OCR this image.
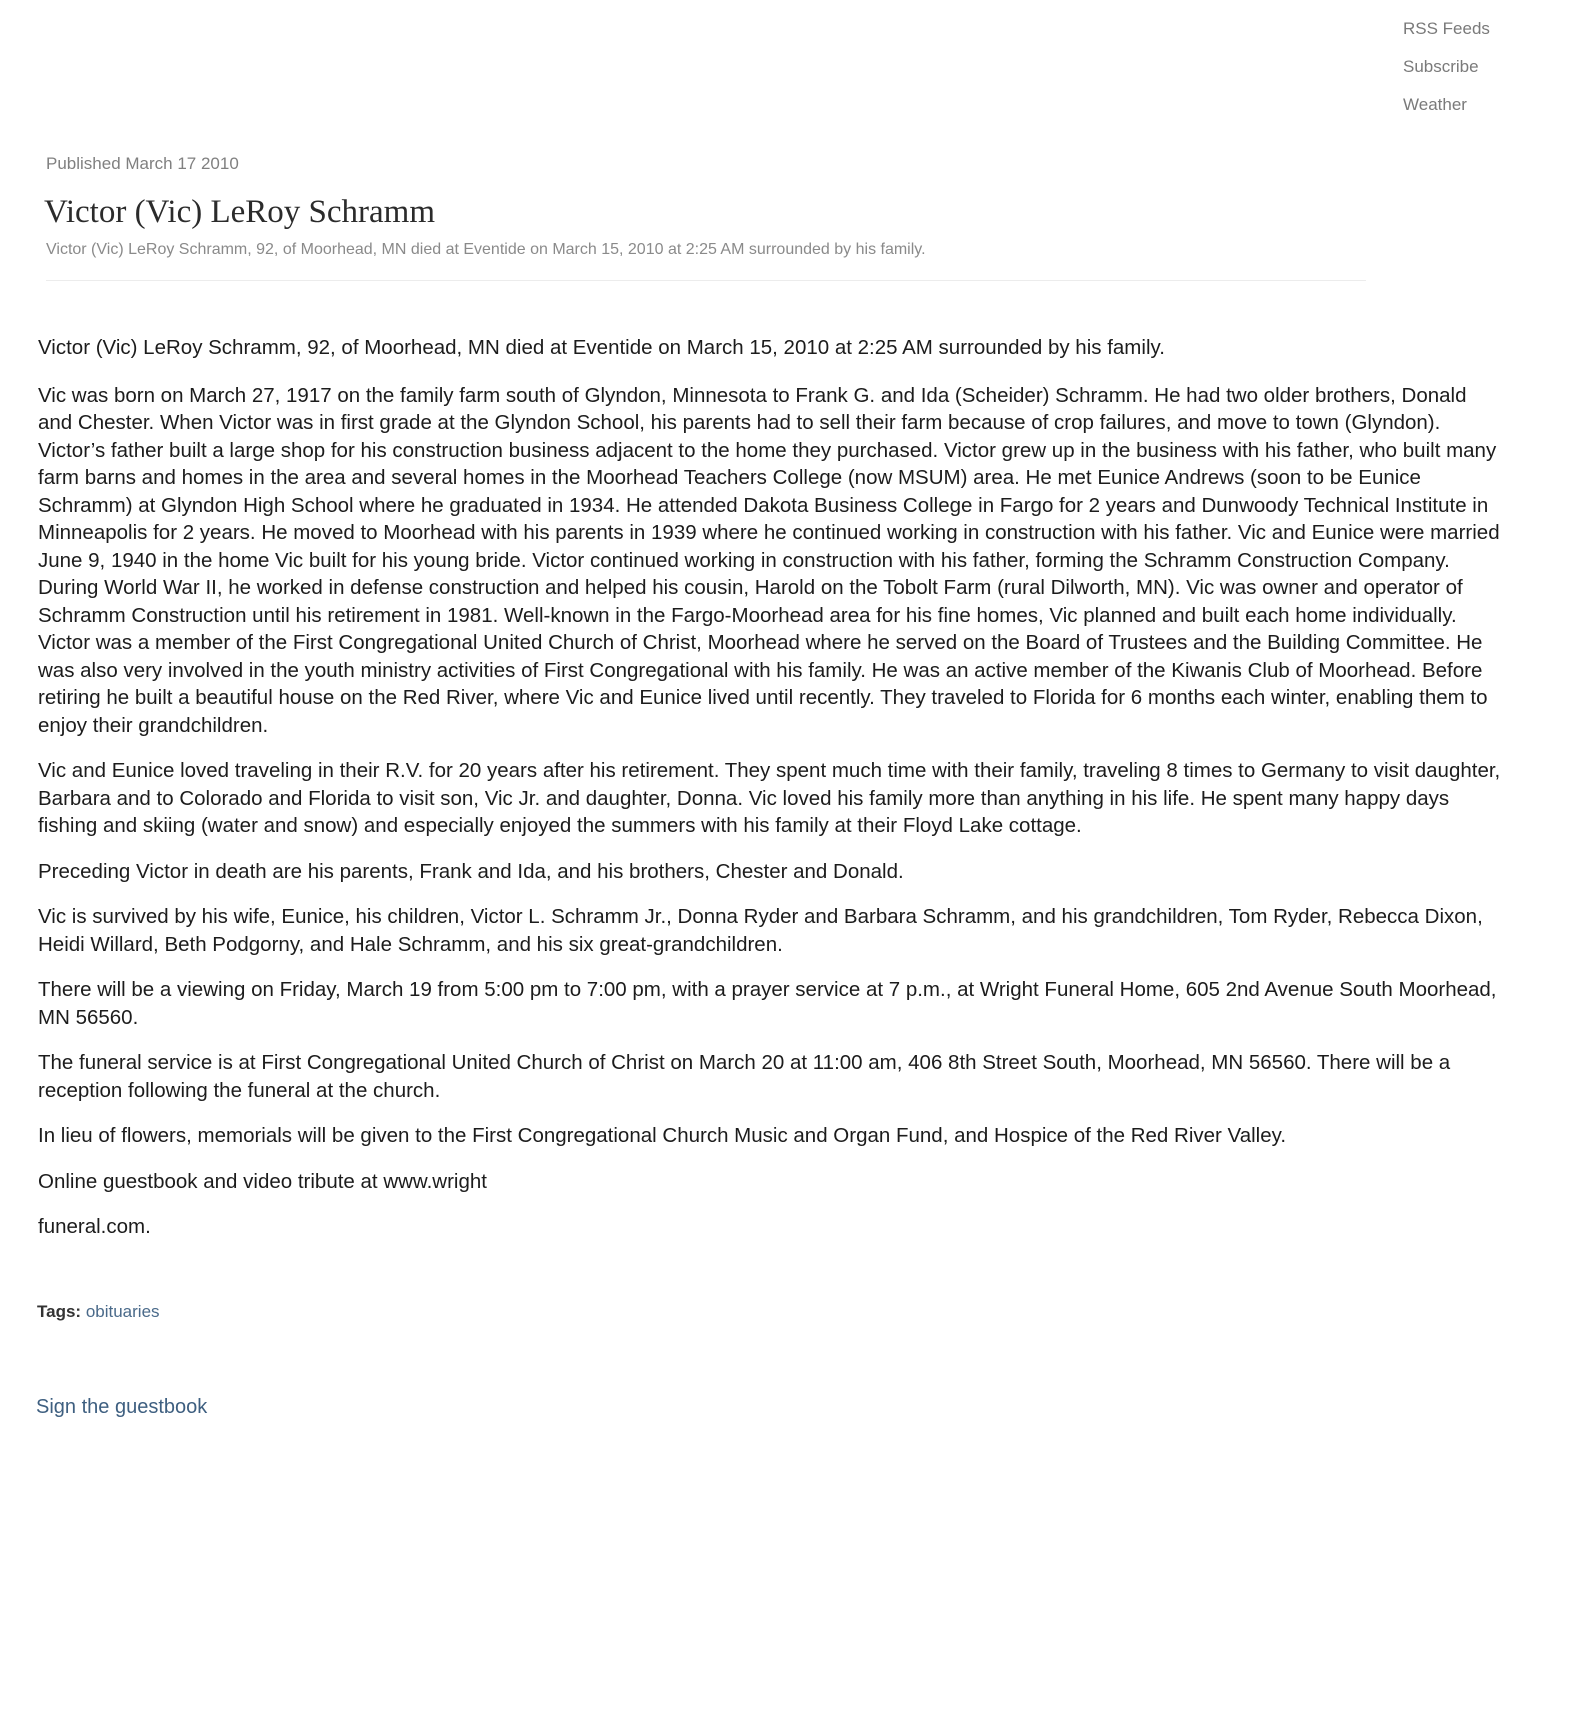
RSS Feeds
Subscribe
Weather
Published March 17 2010
Victor (Vic) LeRoy Schramm
Victor (Vic) LeRoy Schramm, 92, of Moorhead, MN died at Eventide on March 15, 2010 at 2:25 AM surrounded by his family.

Victor (Vic) LeRoy Schramm, 92, of Moorhead, MN died at Eventide on March 15, 2010 at 2:25 AM surrounded by his family.

Vic was born on March 27, 1917 on the family farm south of Glyndon, Minnesota to Frank G. and Ida (Scheider) Schramm. He had two older brothers, Donald and Chester. When Victor was in first grade at the Glyndon School, his parents had to sell their farm because of crop failures, and move to town (Glyndon). Victor’s father built a large shop for his construction business adjacent to the home they purchased. Victor grew up in the business with his father, who built many farm barns and homes in the area and several homes in the Moorhead Teachers College (now MSUM) area. He met Eunice Andrews (soon to be Eunice Schramm) at Glyndon High School where he graduated in 1934. He attended Dakota Business College in Fargo for 2 years and Dunwoody Technical Institute in Minneapolis for 2 years. He moved to Moorhead with his parents in 1939 where he continued working in construction with his father. Vic and Eunice were married June 9, 1940 in the home Vic built for his young bride. Victor continued working in construction with his father, forming the Schramm Construction Company. During World War II, he worked in defense construction and helped his cousin, Harold on the Tobolt Farm (rural Dilworth, MN). Vic was owner and operator of Schramm Construction until his retirement in 1981. Well-known in the Fargo-Moorhead area for his fine homes, Vic planned and built each home individually. Victor was a member of the First Congregational United Church of Christ, Moorhead where he served on the Board of Trustees and the Building Committee. He was also very involved in the youth ministry activities of First Congregational with his family. He was an active member of the Kiwanis Club of Moorhead. Before retiring he built a beautiful house on the Red River, where Vic and Eunice lived until recently. They traveled to Florida for 6 months each winter, enabling them to enjoy their grandchildren.

Vic and Eunice loved traveling in their R.V. for 20 years after his retirement. They spent much time with their family, traveling 8 times to Germany to visit daughter, Barbara and to Colorado and Florida to visit son, Vic Jr. and daughter, Donna. Vic loved his family more than anything in his life. He spent many happy days fishing and skiing (water and snow) and especially enjoyed the summers with his family at their Floyd Lake cottage.

Preceding Victor in death are his parents, Frank and Ida, and his brothers, Chester and Donald.

Vic is survived by his wife, Eunice, his children, Victor L. Schramm Jr., Donna Ryder and Barbara Schramm, and his grandchildren, Tom Ryder, Rebecca Dixon, Heidi Willard, Beth Podgorny, and Hale Schramm, and his six great-grandchildren.

There will be a viewing on Friday, March 19 from 5:00 pm to 7:00 pm, with a prayer service at 7 p.m., at Wright Funeral Home, 605 2nd Avenue South Moorhead, MN 56560.

The funeral service is at First Congregational United Church of Christ on March 20 at 11:00 am, 406 8th Street South, Moorhead, MN 56560. There will be a reception following the funeral at the church.

In lieu of flowers, memorials will be given to the First Congregational Church Music and Organ Fund, and Hospice of the Red River Valley.

Online guestbook and video tribute at www.wright

funeral.com.

Tags: obituaries
Sign the guestbook
